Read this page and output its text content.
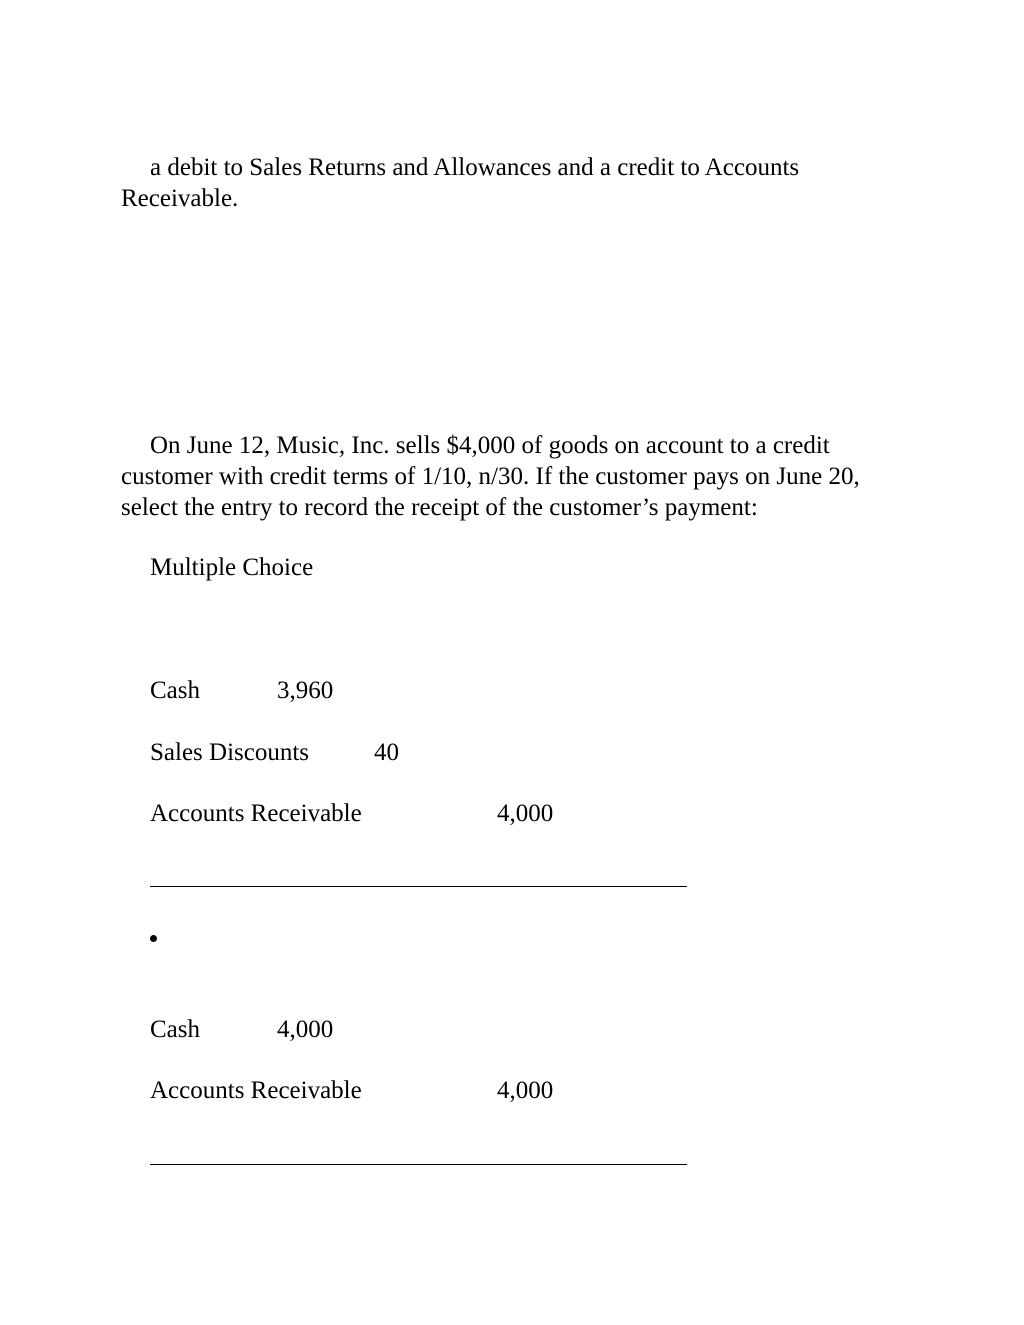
a debit to Sales Returns and Allowances and a credit to Accounts Receivable.

On June 12, Music, Inc. sells $4,000 of goods on account to a credit customer with credit terms of 1/10, n/30. If the customer pays on June 20, select the entry to record the receipt of the customer’s payment:

Multiple Choice
Cash	3,960
Sales Discounts	40
Accounts Receivable	4,000
Cash	4,000
Accounts Receivable	4,000
